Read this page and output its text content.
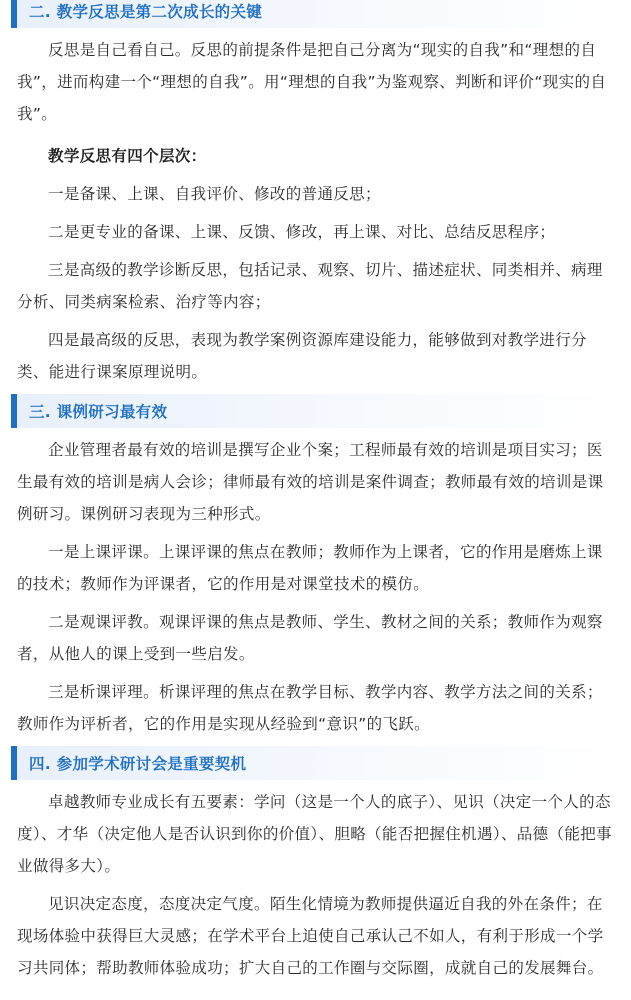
二. 教学反思是第二次成长的关键

反思是自己看自己。反思的前提条件是把自己分离为“现实的自我”和“理想的自我”，进而构建一个“理想的自我”。用“理想的自我”为鉴观察、判断和评价“现实的自我”。

教学反思有四个层次：

一是备课、上课、自我评价、修改的普通反思；

二是更专业的备课、上课、反馈、修改，再上课、对比、总结反思程序；

三是高级的教学诊断反思，包括记录、观察、切片、描述症状、同类相并、病理分析、同类病案检索、治疗等内容；

四是最高级的反思，表现为教学案例资源库建设能力，能够做到对教学进行分类、能进行课案原理说明。

三. 课例研习最有效

企业管理者最有效的培训是撰写企业个案；工程师最有效的培训是项目实习；医生最有效的培训是病人会诊；律师最有效的培训是案件调查；教师最有效的培训是课例研习。课例研习表现为三种形式。

一是上课评课。上课评课的焦点在教师；教师作为上课者，它的作用是磨炼上课的技术；教师作为评课者，它的作用是对课堂技术的模仿。

二是观课评教。观课评课的焦点是教师、学生、教材之间的关系；教师作为观察者，从他人的课上受到一些启发。

三是析课评理。析课评理的焦点在教学目标、教学内容、教学方法之间的关系；教师作为评析者，它的作用是实现从经验到“意识”的飞跃。

四. 参加学术研讨会是重要契机

卓越教师专业成长有五要素：学问（这是一个人的底子）、见识（决定一个人的态度）、才华（决定他人是否认识到你的价值）、胆略（能否把握住机遇）、品德（能把事业做得多大）。

见识决定态度，态度决定气度。陌生化情境为教师提供逼近自我的外在条件；在现场体验中获得巨大灵感；在学术平台上迫使自己承认己不如人，有利于形成一个学习共同体；帮助教师体验成功；扩大自己的工作圈与交际圈，成就自己的发展舞台。
